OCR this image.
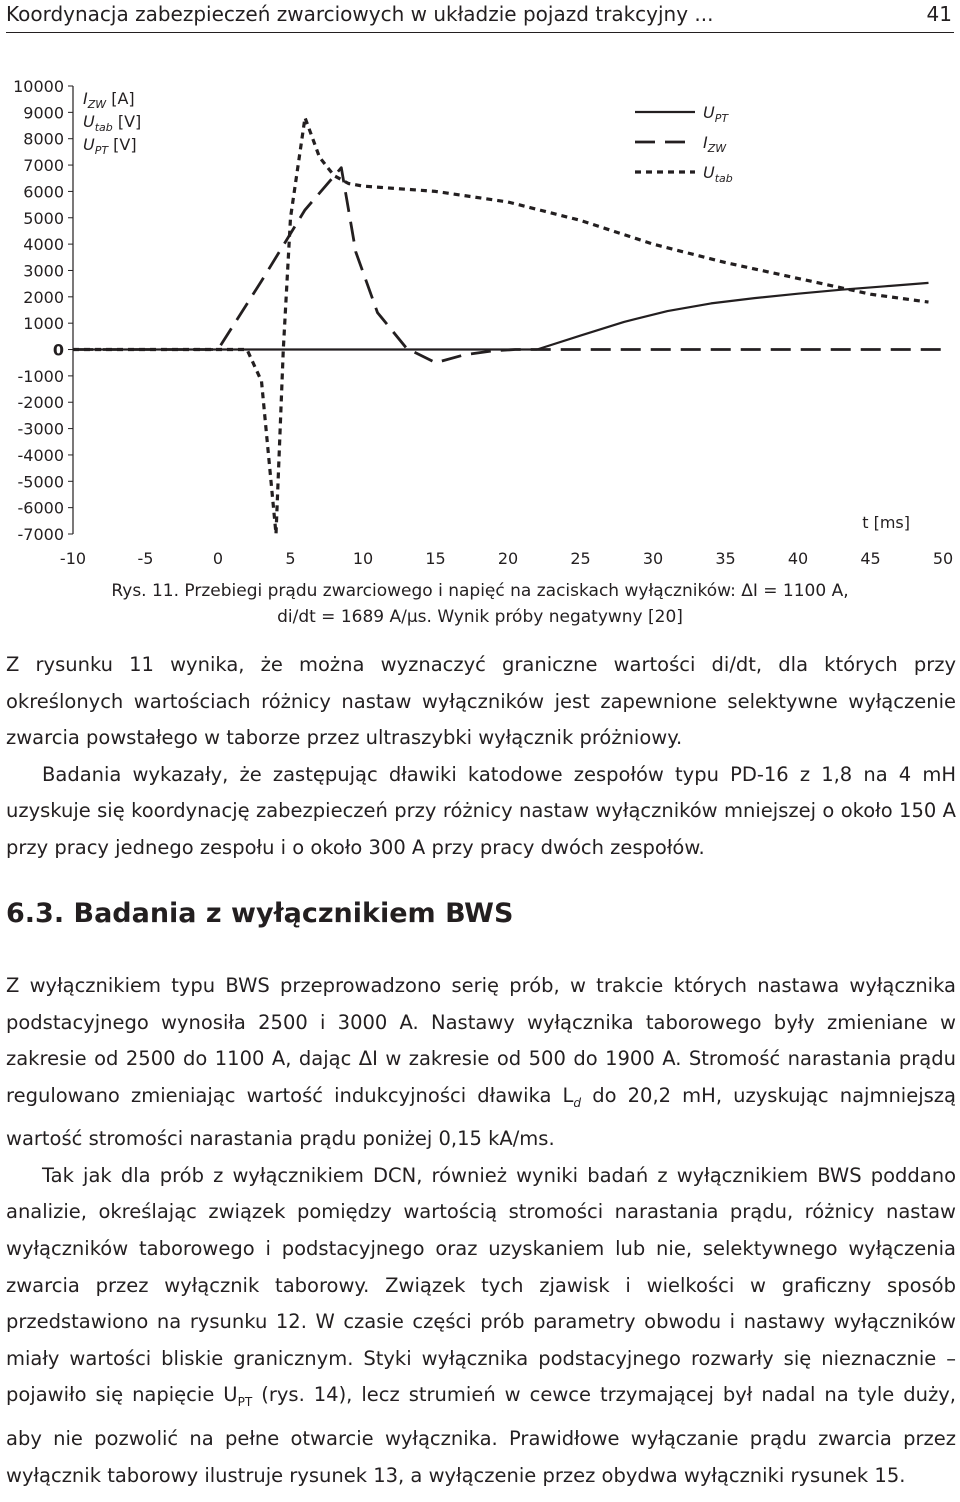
Koordynacja zabezpieczeń zwarciowych w układzie pojazd trakcyjny ...	41
10000
9000
8000
7000
6000
5000
4000
3000
2000
1000
0
-1000
-2000
-3000
-4000
-5000
-6000
-7000
-10	-5	0	5	10	15	20	25	30	35	40	45	50
$U_{PT}$
$I_{ZW}$
$U_{tab}$
$I_{ZW}$ [A]
$U_{tab}$ [V]
$U_{PT}$ [V]
t [ms]
Rys. 11. Przebiegi prądu zwarciowego i napięć na zaciskach wyłączników: ΔI = 1100 A,
di/dt = 1689 A/μs. Wynik próby negatywny [20]

Z rysunku 11 wynika, że można wyznaczyć graniczne wartości di/dt, dla których przy określonych wartościach różnicy nastaw wyłączników jest zapewnione selektywne wyłączenie zwarcia powstałego w taborze przez ultraszybki wyłącznik próżniowy.

Badania wykazały, że zastępując dławiki katodowe zespołów typu PD-16 z 1,8 na 4 mH uzyskuje się koordynację zabezpieczeń przy różnicy nastaw wyłączników mniejszej o około 150 A przy pracy jednego zespołu i o około 300 A przy pracy dwóch zespołów.

6.3. Badania z wyłącznikiem BWS

Z wyłącznikiem typu BWS przeprowadzono serię prób, w trakcie których nastawa wyłącznika podstacyjnego wynosiła 2500 i 3000 A. Nastawy wyłącznika taborowego były zmieniane w zakresie od 2500 do 1100 A, dając ΔI w zakresie od 500 do 1900 A. Stromość narastania prądu regulowano zmieniając wartość indukcyjności dławika $L_d$ do 20,2 mH, uzyskując najmniejszą wartość stromości narastania prądu poniżej 0,15 kA/ms.

Tak jak dla prób z wyłącznikiem DCN, również wyniki badań z wyłącznikiem BWS poddano analizie, określając związek pomiędzy wartością stromości narastania prądu, różnicy nastaw wyłączników taborowego i podstacyjnego oraz uzyskaniem lub nie, selektywnego wyłączenia zwarcia przez wyłącznik taborowy. Związek tych zjawisk i wielkości w graficzny sposób przedstawiono na rysunku 12. W czasie części prób parametry obwodu i nastawy wyłączników miały wartości bliskie granicznym. Styki wyłącznika podstacyjnego rozwarły się nieznacznie – pojawiło się napięcie $U_{PT}$ (rys. 14), lecz strumień w cewce trzymającej był nadal na tyle duży, aby nie pozwolić na pełne otwarcie wyłącznika. Prawidłowe wyłączanie prądu zwarcia przez wyłącznik taborowy ilustruje rysunek 13, a wyłączenie przez obydwa wyłączniki rysunek 15.
